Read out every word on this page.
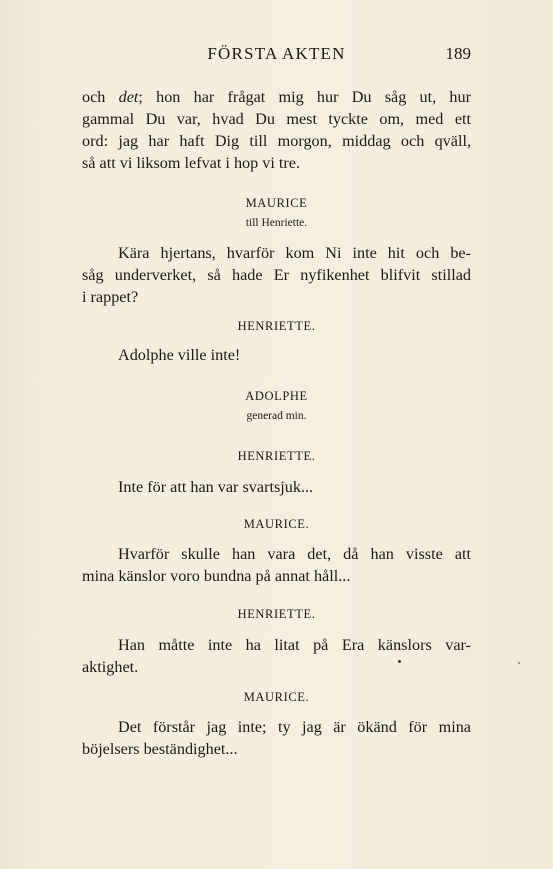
FÖRSTA AKTEN	189
och det; hon har frågat mig hur Du såg ut, hur
gammal Du var, hvad Du mest tyckte om, med ett
ord: jag har haft Dig till morgon, middag och qväll,
så att vi liksom lefvat i hop vi tre.
MAURICE
till Henriette.
Kära hjertans, hvarför kom Ni inte hit och be-
såg underverket, så hade Er nyfikenhet blifvit stillad
i rappet?
HENRIETTE.
Adolphe ville inte!
ADOLPHE
generad min.
HENRIETTE.
Inte för att han var svartsjuk...
MAURICE.
Hvarför skulle han vara det, då han visste att
mina känslor voro bundna på annat håll...
HENRIETTE.
Han måtte inte ha litat på Era känslors var-
aktighet.
MAURICE.
Det förstår jag inte; ty jag är ökänd för mina
böjelsers beständighet...
